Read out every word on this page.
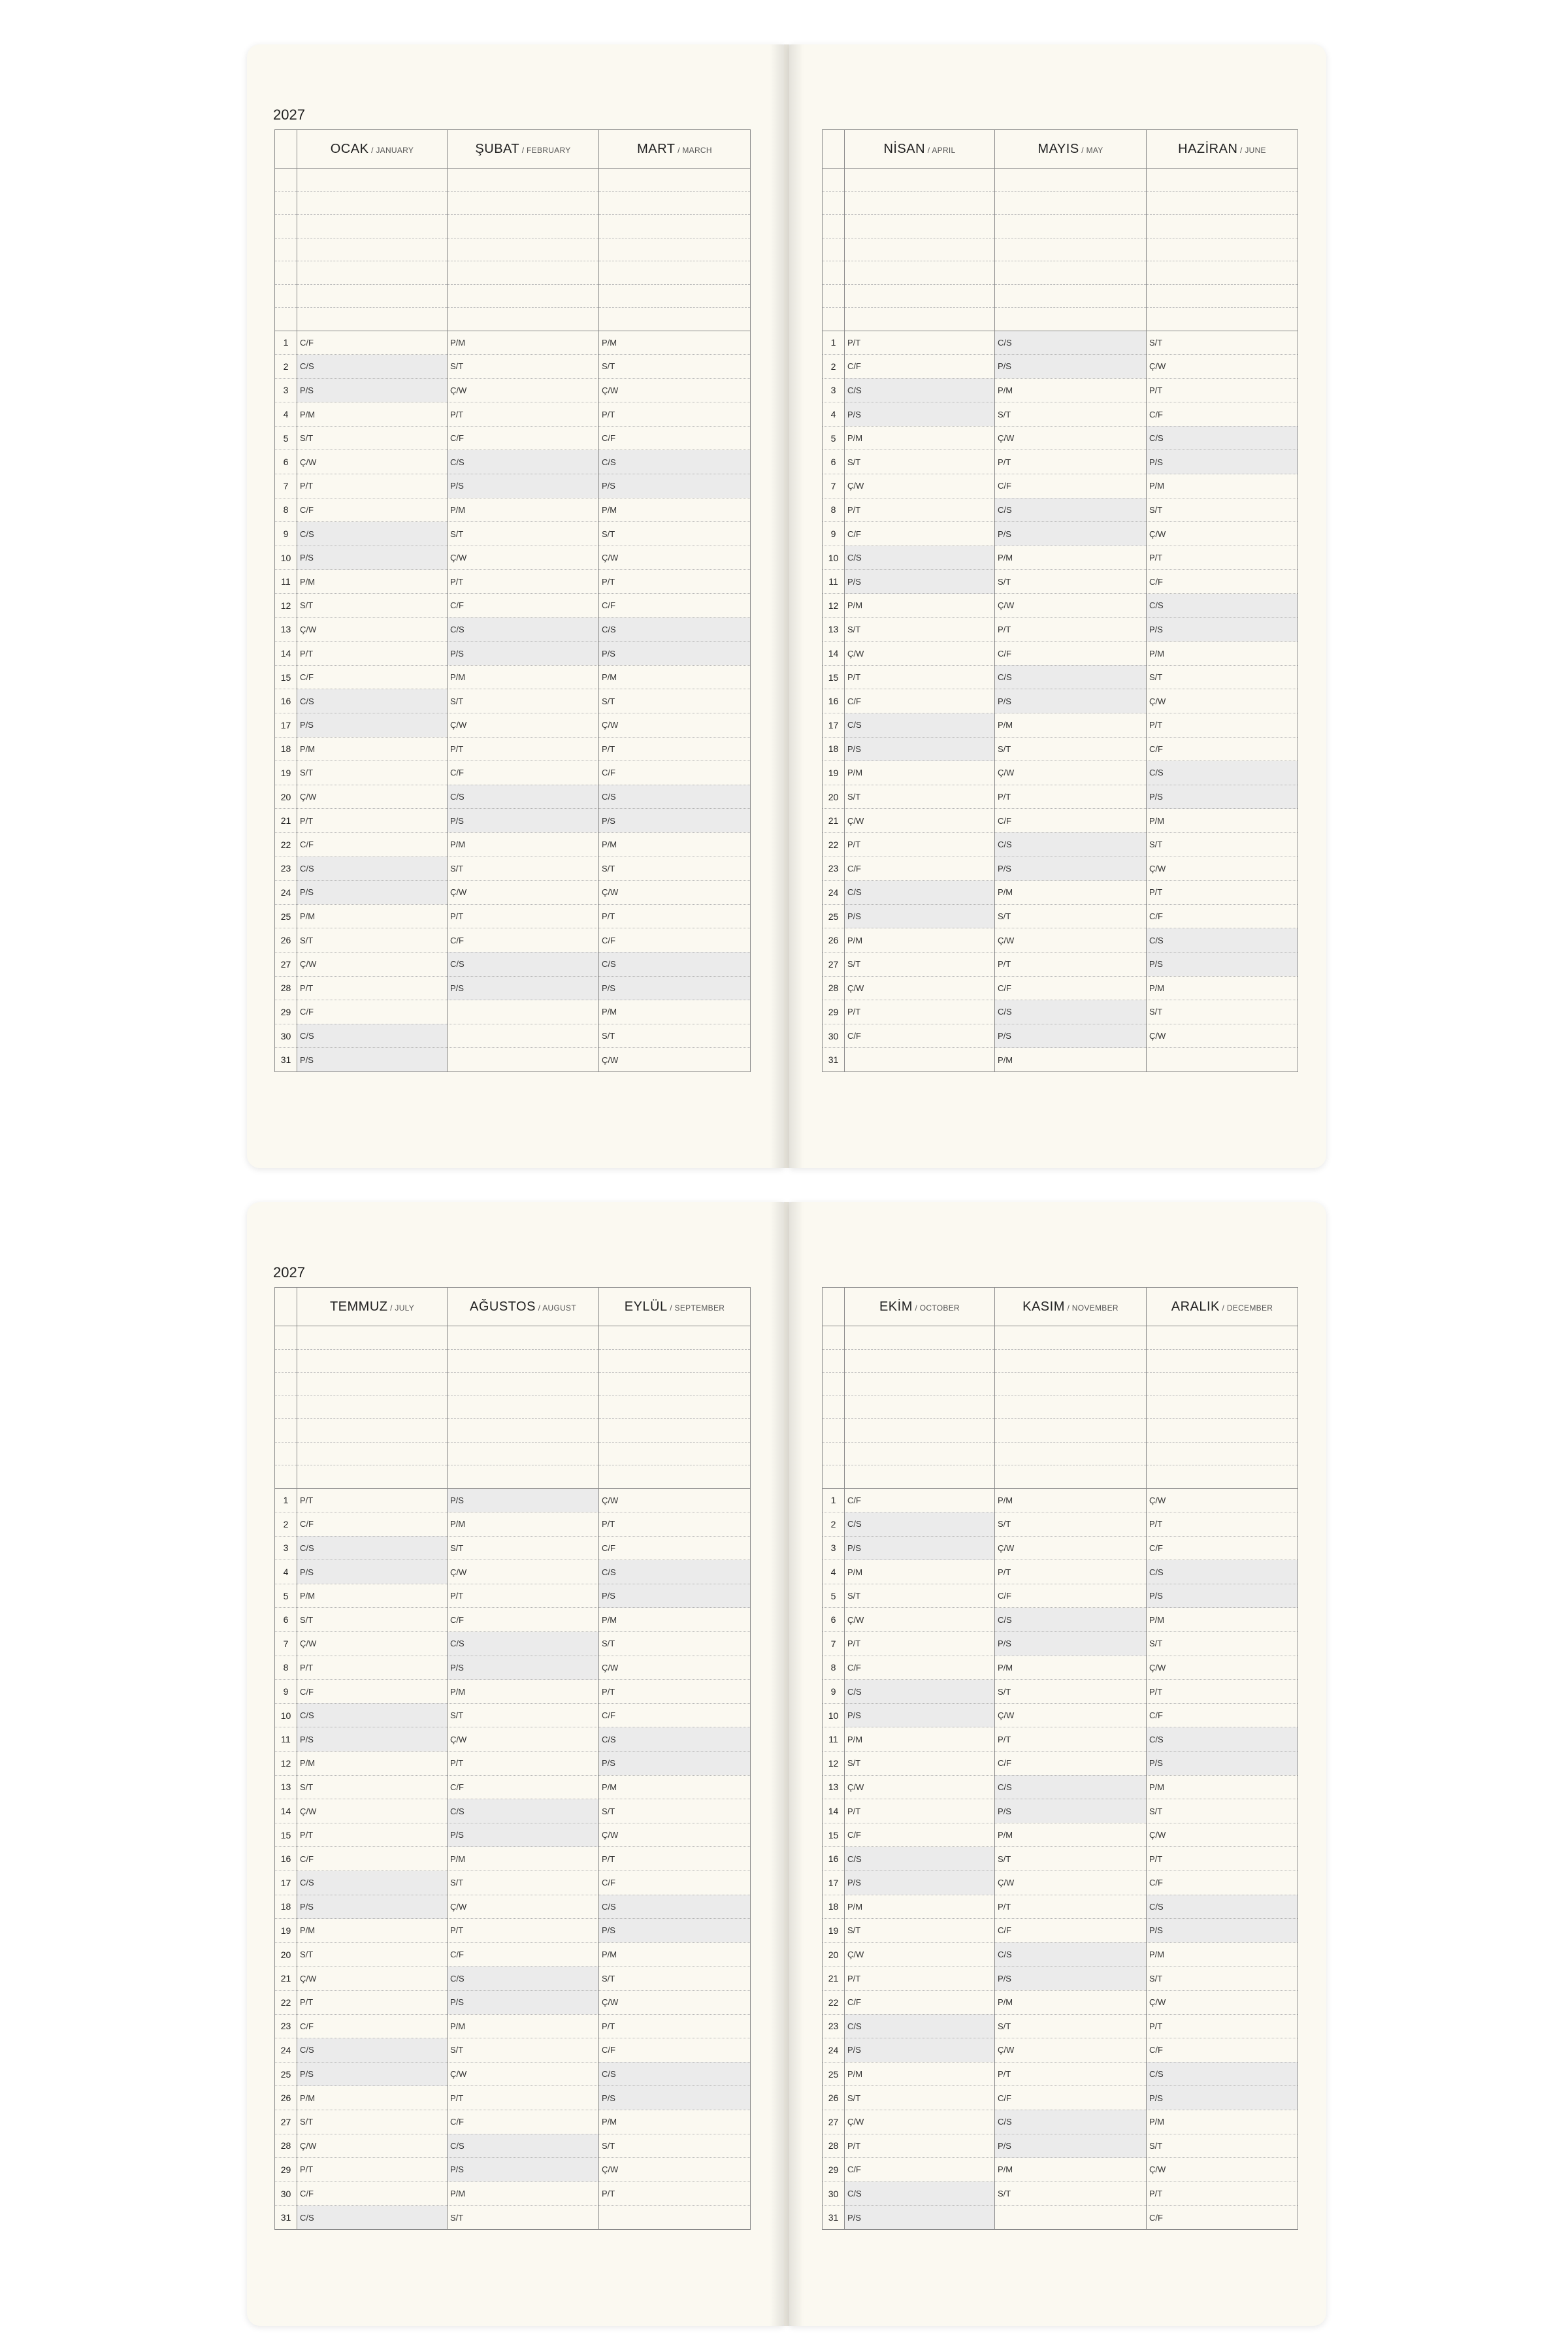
2027
	OCAK / JANUARY	ŞUBAT / FEBRUARY	MART / MARCH

1	C/F	P/M	P/M
2	C/S	S/T	S/T
3	P/S	Ç/W	Ç/W
4	P/M	P/T	P/T
5	S/T	C/F	C/F
6	Ç/W	C/S	C/S
7	P/T	P/S	P/S
8	C/F	P/M	P/M
9	C/S	S/T	S/T
10	P/S	Ç/W	Ç/W
11	P/M	P/T	P/T
12	S/T	C/F	C/F
13	Ç/W	C/S	C/S
14	P/T	P/S	P/S
15	C/F	P/M	P/M
16	C/S	S/T	S/T
17	P/S	Ç/W	Ç/W
18	P/M	P/T	P/T
19	S/T	C/F	C/F
20	Ç/W	C/S	C/S
21	P/T	P/S	P/S
22	C/F	P/M	P/M
23	C/S	S/T	S/T
24	P/S	Ç/W	Ç/W
25	P/M	P/T	P/T
26	S/T	C/F	C/F
27	Ç/W	C/S	C/S
28	P/T	P/S	P/S
29	C/F		P/M
30	C/S		S/T
31	P/S		Ç/W
	NİSAN / APRIL	MAYIS / MAY	HAZİRAN / JUNE

1	P/T	C/S	S/T
2	C/F	P/S	Ç/W
3	C/S	P/M	P/T
4	P/S	S/T	C/F
5	P/M	Ç/W	C/S
6	S/T	P/T	P/S
7	Ç/W	C/F	P/M
8	P/T	C/S	S/T
9	C/F	P/S	Ç/W
10	C/S	P/M	P/T
11	P/S	S/T	C/F
12	P/M	Ç/W	C/S
13	S/T	P/T	P/S
14	Ç/W	C/F	P/M
15	P/T	C/S	S/T
16	C/F	P/S	Ç/W
17	C/S	P/M	P/T
18	P/S	S/T	C/F
19	P/M	Ç/W	C/S
20	S/T	P/T	P/S
21	Ç/W	C/F	P/M
22	P/T	C/S	S/T
23	C/F	P/S	Ç/W
24	C/S	P/M	P/T
25	P/S	S/T	C/F
26	P/M	Ç/W	C/S
27	S/T	P/T	P/S
28	Ç/W	C/F	P/M
29	P/T	C/S	S/T
30	C/F	P/S	Ç/W
31		P/M	
2027
	TEMMUZ / JULY	AĞUSTOS / AUGUST	EYLÜL / SEPTEMBER

1	P/T	P/S	Ç/W
2	C/F	P/M	P/T
3	C/S	S/T	C/F
4	P/S	Ç/W	C/S
5	P/M	P/T	P/S
6	S/T	C/F	P/M
7	Ç/W	C/S	S/T
8	P/T	P/S	Ç/W
9	C/F	P/M	P/T
10	C/S	S/T	C/F
11	P/S	Ç/W	C/S
12	P/M	P/T	P/S
13	S/T	C/F	P/M
14	Ç/W	C/S	S/T
15	P/T	P/S	Ç/W
16	C/F	P/M	P/T
17	C/S	S/T	C/F
18	P/S	Ç/W	C/S
19	P/M	P/T	P/S
20	S/T	C/F	P/M
21	Ç/W	C/S	S/T
22	P/T	P/S	Ç/W
23	C/F	P/M	P/T
24	C/S	S/T	C/F
25	P/S	Ç/W	C/S
26	P/M	P/T	P/S
27	S/T	C/F	P/M
28	Ç/W	C/S	S/T
29	P/T	P/S	Ç/W
30	C/F	P/M	P/T
31	C/S	S/T	
	EKİM / OCTOBER	KASIM / NOVEMBER	ARALIK / DECEMBER

1	C/F	P/M	Ç/W
2	C/S	S/T	P/T
3	P/S	Ç/W	C/F
4	P/M	P/T	C/S
5	S/T	C/F	P/S
6	Ç/W	C/S	P/M
7	P/T	P/S	S/T
8	C/F	P/M	Ç/W
9	C/S	S/T	P/T
10	P/S	Ç/W	C/F
11	P/M	P/T	C/S
12	S/T	C/F	P/S
13	Ç/W	C/S	P/M
14	P/T	P/S	S/T
15	C/F	P/M	Ç/W
16	C/S	S/T	P/T
17	P/S	Ç/W	C/F
18	P/M	P/T	C/S
19	S/T	C/F	P/S
20	Ç/W	C/S	P/M
21	P/T	P/S	S/T
22	C/F	P/M	Ç/W
23	C/S	S/T	P/T
24	P/S	Ç/W	C/F
25	P/M	P/T	C/S
26	S/T	C/F	P/S
27	Ç/W	C/S	P/M
28	P/T	P/S	S/T
29	C/F	P/M	Ç/W
30	C/S	S/T	P/T
31	P/S		C/F
